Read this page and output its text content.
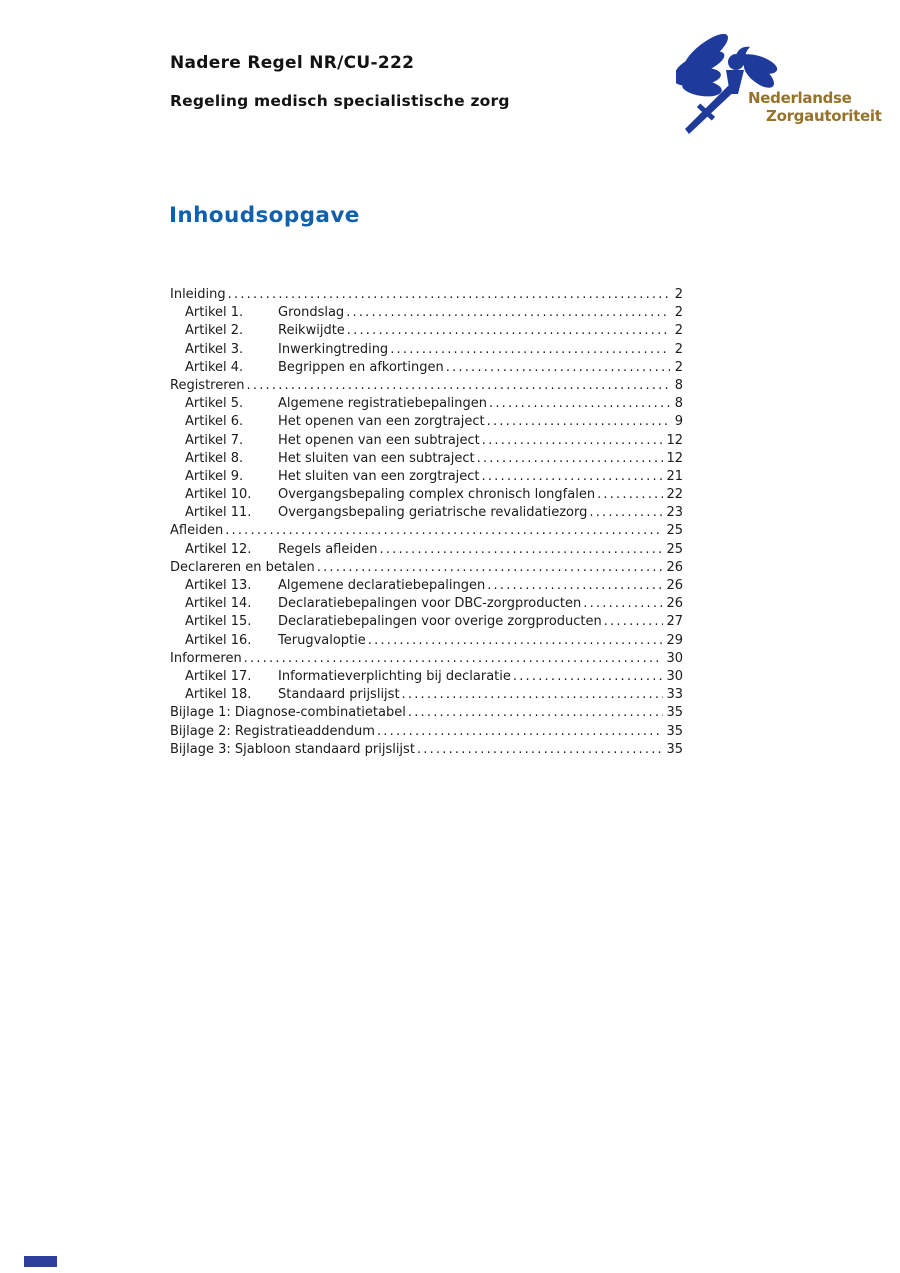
Nadere Regel NR/CU-222
Regeling medisch specialistische zorg	Nederlandse
Zorgautoriteit
Inhoudsopgave
Inleiding .....	2
Artikel 1.	Grondslag .....	2
Artikel 2.	Reikwijdte .....	2
Artikel 3.	Inwerkingtreding .....	2
Artikel 4.	Begrippen en afkortingen .....	2
Registreren .....	8
Artikel 5.	Algemene registratiebepalingen .....	8
Artikel 6.	Het openen van een zorgtraject .....	9
Artikel 7.	Het openen van een subtraject .....	12
Artikel 8.	Het sluiten van een subtraject .....	12
Artikel 9.	Het sluiten van een zorgtraject .....	21
Artikel 10.	Overgangsbepaling complex chronisch longfalen .....	22
Artikel 11.	Overgangsbepaling geriatrische revalidatiezorg .....	23
Afleiden .....	25
Artikel 12.	Regels afleiden .....	25
Declareren en betalen .....	26
Artikel 13.	Algemene declaratiebepalingen .....	26
Artikel 14.	Declaratiebepalingen voor DBC-zorgproducten .....	26
Artikel 15.	Declaratiebepalingen voor overige zorgproducten .....	27
Artikel 16.	Terugvaloptie .....	29
Informeren .....	30
Artikel 17.	Informatieverplichting bij declaratie .....	30
Artikel 18.	Standaard prijslijst .....	33
Bijlage 1: Diagnose-combinatietabel .....	35
Bijlage 2: Registratieaddendum .....	35
Bijlage 3: Sjabloon standaard prijslijst .....	35
